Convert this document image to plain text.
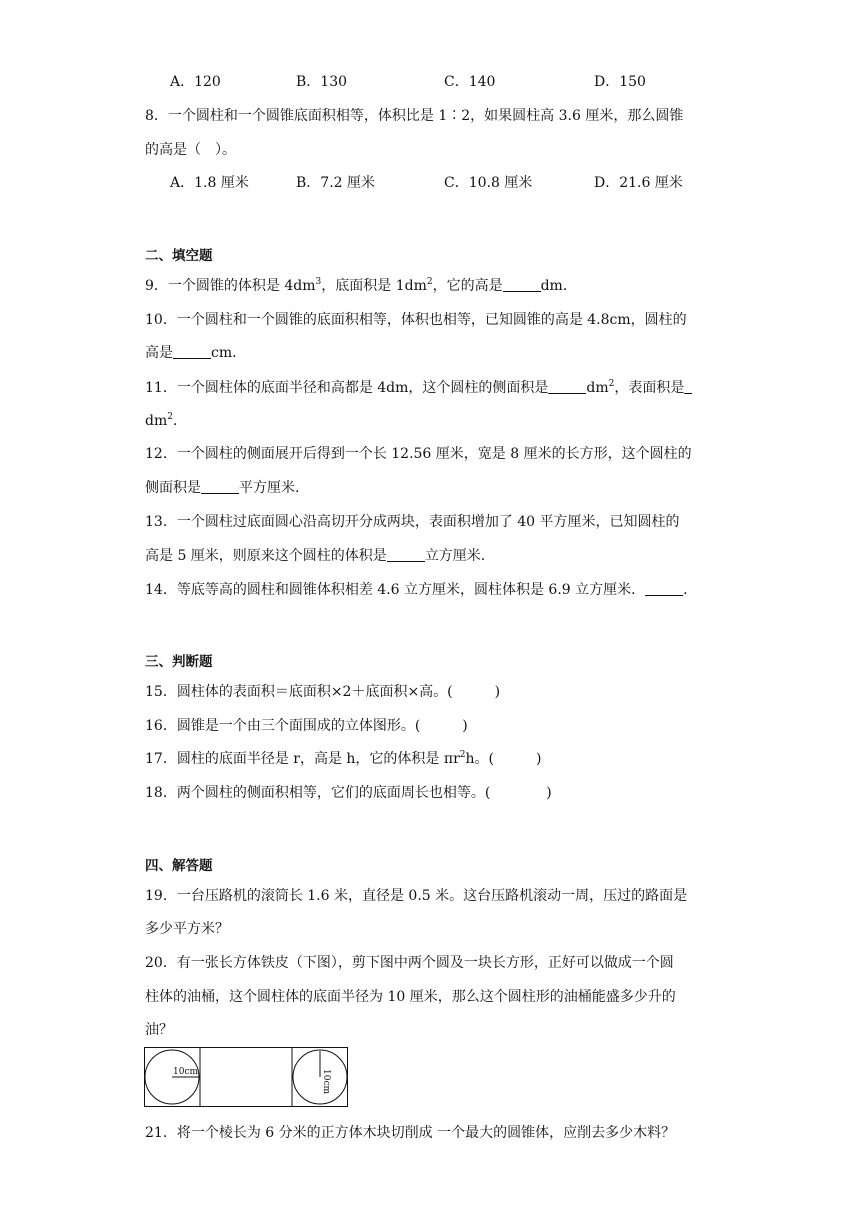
A．120	B．130	C．140	D．150
8．一个圆柱和一个圆锥底面积相等，体积比是 1∶2，如果圆柱高 3.6 厘米，那么圆锥
的高是（　）。
A．1.8 厘米	B．7.2 厘米	C．10.8 厘米	D．21.6 厘米
二、填空题
9．一个圆锥的体积是 $4dm^3$，底面积是 $1dm^2$，它的高是	dm．
10．一个圆柱和一个圆锥的底面积相等，体积也相等，已知圆锥的高是 4.8cm，圆柱的
高是	cm．
11．一个圆柱体的底面半径和高都是 4dm，这个圆柱的侧面积是	$dm^2$，表面积是
$dm^2$．
12．一个圆柱的侧面展开后得到一个长 12.56 厘米，宽是 8 厘米的长方形，这个圆柱的
侧面积是	平方厘米.
13．一个圆柱过底面圆心沿高切开分成两块，表面积增加了 40 平方厘米，已知圆柱的
高是 5 厘米，则原来这个圆柱的体积是	立方厘米.
14．等底等高的圆柱和圆锥体积相差 4.6 立方厘米，圆柱体积是 6.9 立方厘米．	.
三、判断题
15．圆柱体的表面积＝底面积×2＋底面积×高。(　　　)
16．圆锥是一个由三个面围成的立体图形。(　　　)
17．圆柱的底面半径是 r，高是 h，它的体积是 $\pi r^2h$。(　　　)
18．两个圆柱的侧面积相等，它们的底面周长也相等。(　　　　)
四、解答题
19．一台压路机的滚筒长 1.6 米，直径是 0.5 米。这台压路机滚动一周，压过的路面是
多少平方米？
20．有一张长方体铁皮（下图），剪下图中两个圆及一块长方形，正好可以做成一个圆
柱体的油桶，这个圆柱体的底面半径为 10 厘米，那么这个圆柱形的油桶能盛多少升的
油？
10cm	10cm
21．将一个棱长为 6 分米的正方体木块切削成 一个最大的圆锥体，应削去多少木料？
